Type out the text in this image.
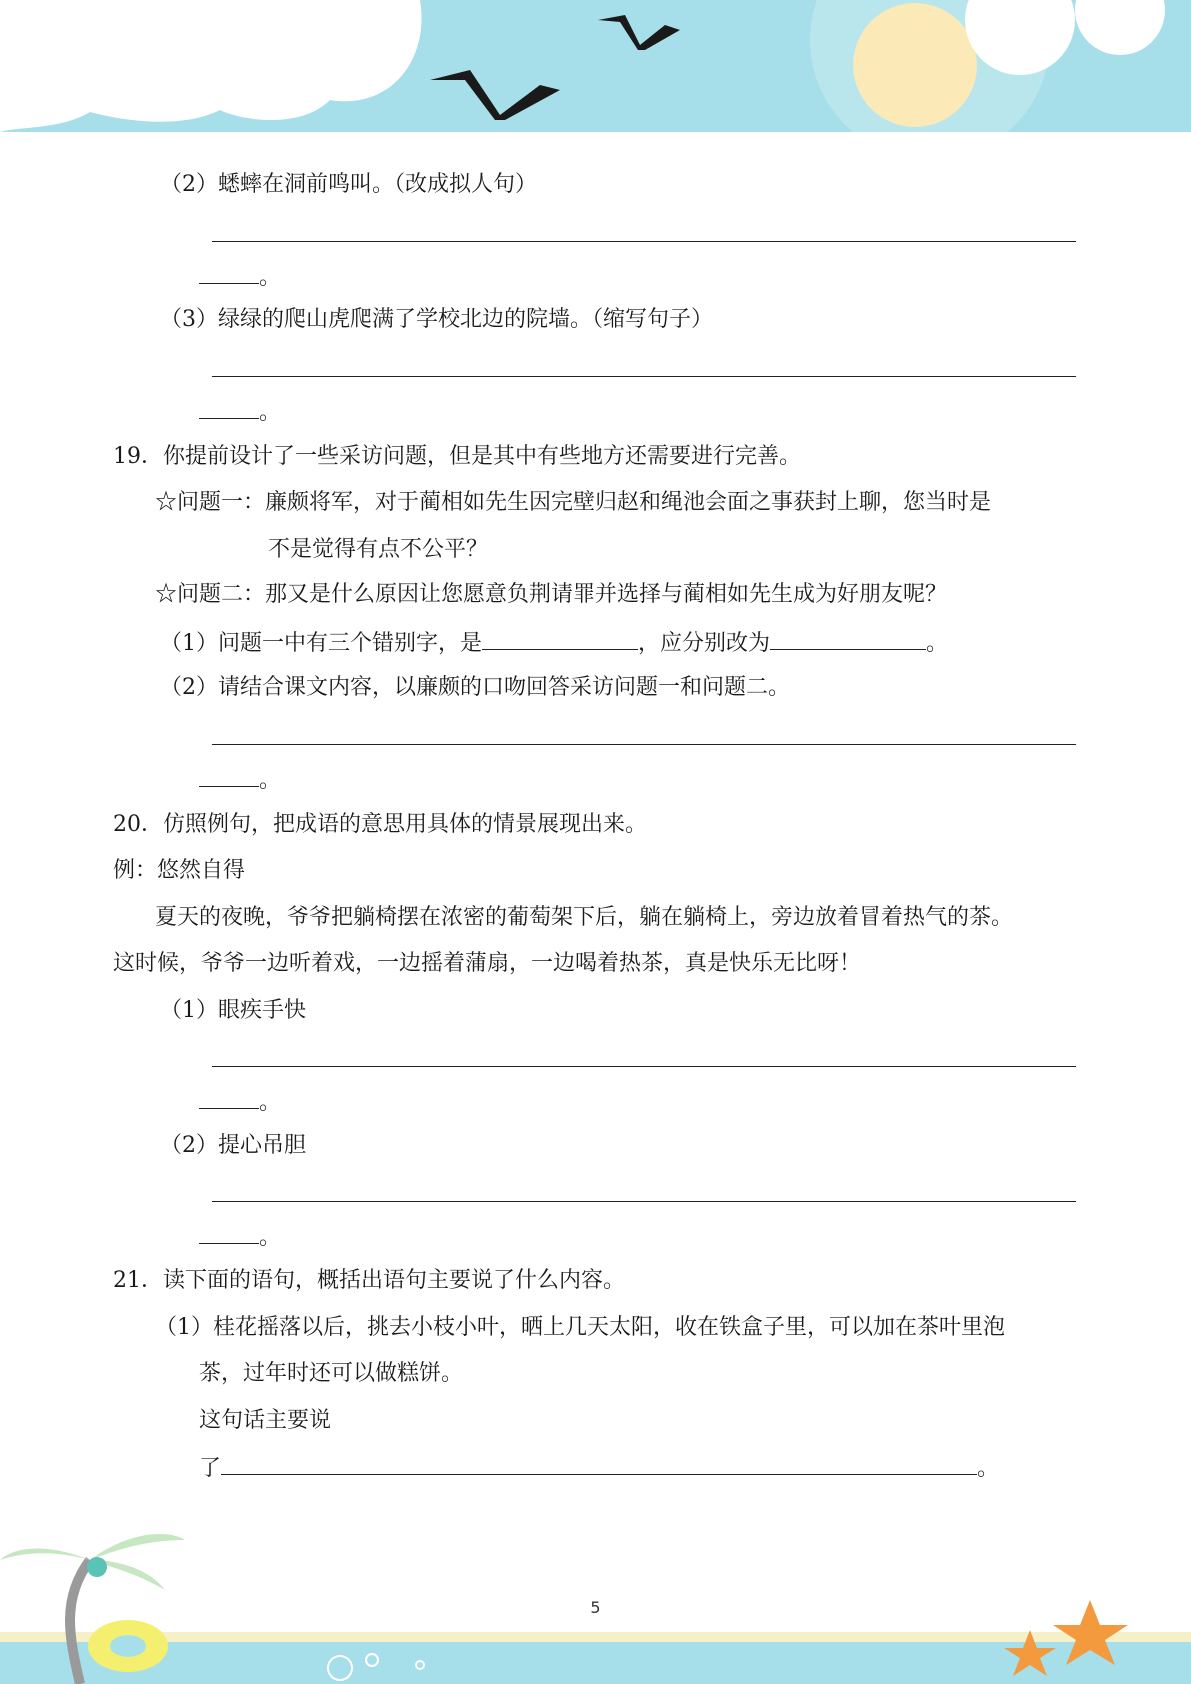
（2）蟋蟀在洞前鸣叫。（改成拟人句）
。
（3）绿绿的爬山虎爬满了学校北边的院墙。（缩写句子）
。
19．你提前设计了一些采访问题，但是其中有些地方还需要进行完善。
☆问题一：廉颇将军，对于蔺相如先生因完壁归赵和绳池会面之事获封上聊，您当时是
不是觉得有点不公平？
☆问题二：那又是什么原因让您愿意负荆请罪并选择与蔺相如先生成为好朋友呢？
（1）问题一中有三个错别字，是	，应分别改为	。
（2）请结合课文内容，以廉颇的口吻回答采访问题一和问题二。
。
20．仿照例句，把成语的意思用具体的情景展现出来。
例：悠然自得
夏天的夜晚，爷爷把躺椅摆在浓密的葡萄架下后，躺在躺椅上，旁边放着冒着热气的茶。
这时候，爷爷一边听着戏，一边摇着蒲扇，一边喝着热茶，真是快乐无比呀！
（1）眼疾手快
。
（2）提心吊胆
。
21．读下面的语句，概括出语句主要说了什么内容。
（1）桂花摇落以后，挑去小枝小叶，晒上几天太阳，收在铁盒子里，可以加在茶叶里泡
茶，过年时还可以做糕饼。
这句话主要说
了	。
5
